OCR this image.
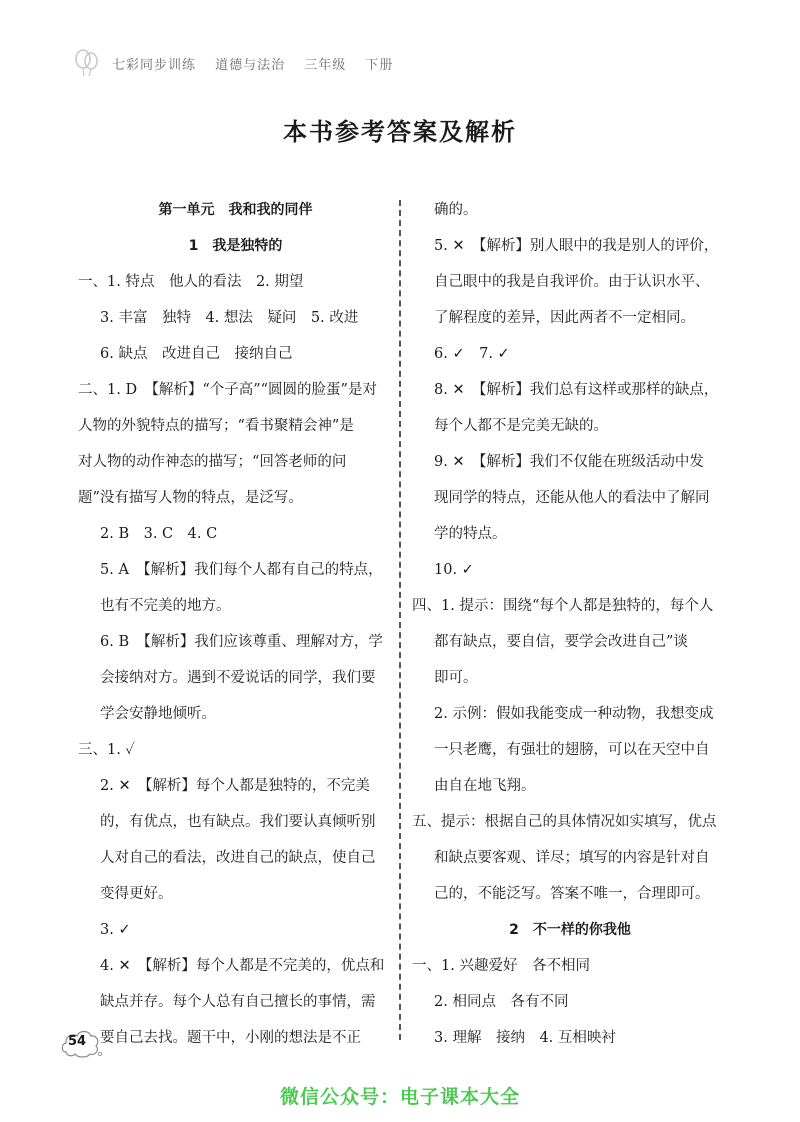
七彩同步训练 道德与法治 三年级 下册
本书参考答案及解析
第一单元　我和我的同伴
1　我是独特的
一、1. 特点　他人的看法　2. 期望
3. 丰富　独特　4. 想法　疑问　5. 改进
6. 缺点　改进自己　接纳自己
二、1. D　【解析】“个子高”“圆圆的脸蛋”是对
人物的外貌特点的描写；“看书聚精会神”是
对人物的动作神态的描写；“回答老师的问
题”没有描写人物的特点，是泛写。
2. B　3. C　4. C
5. A　【解析】我们每个人都有自己的特点，
也有不完美的地方。
6. B　【解析】我们应该尊重、理解对方，学
会接纳对方。遇到不爱说话的同学，我们要
学会安静地倾听。
三、1. ✓
2. ✕　【解析】每个人都是独特的，不完美
的，有优点，也有缺点。我们要认真倾听别
人对自己的看法，改进自己的缺点，使自己
变得更好。
3. ✓
4. ✕　【解析】每个人都是不完美的，优点和
缺点并存。每个人总有自己擅长的事情，需
要自己去找。题干中，小刚的想法是不正
确的。
5. ✕　【解析】别人眼中的我是别人的评价，
自己眼中的我是自我评价。由于认识水平、
了解程度的差异，因此两者不一定相同。
6. ✓　7. ✓
8. ✕　【解析】我们总有这样或那样的缺点，
每个人都不是完美无缺的。
9. ✕　【解析】我们不仅能在班级活动中发
现同学的特点，还能从他人的看法中了解同
学的特点。
10. ✓
四、1. 提示：围绕“每个人都是独特的，每个人
都有缺点，要自信，要学会改进自己”谈
即可。
2. 示例：假如我能变成一种动物，我想变成
一只老鹰，有强壮的翅膀，可以在天空中自
由自在地飞翔。
五、提示：根据自己的具体情况如实填写，优点
和缺点要客观、详尽；填写的内容是针对自
己的，不能泛写。答案不唯一，合理即可。
2　不一样的你我他
一、1. 兴趣爱好　各不相同
2. 相同点　各有不同
3. 理解　接纳　4. 互相映衬
54
微信公众号：电子课本大全
